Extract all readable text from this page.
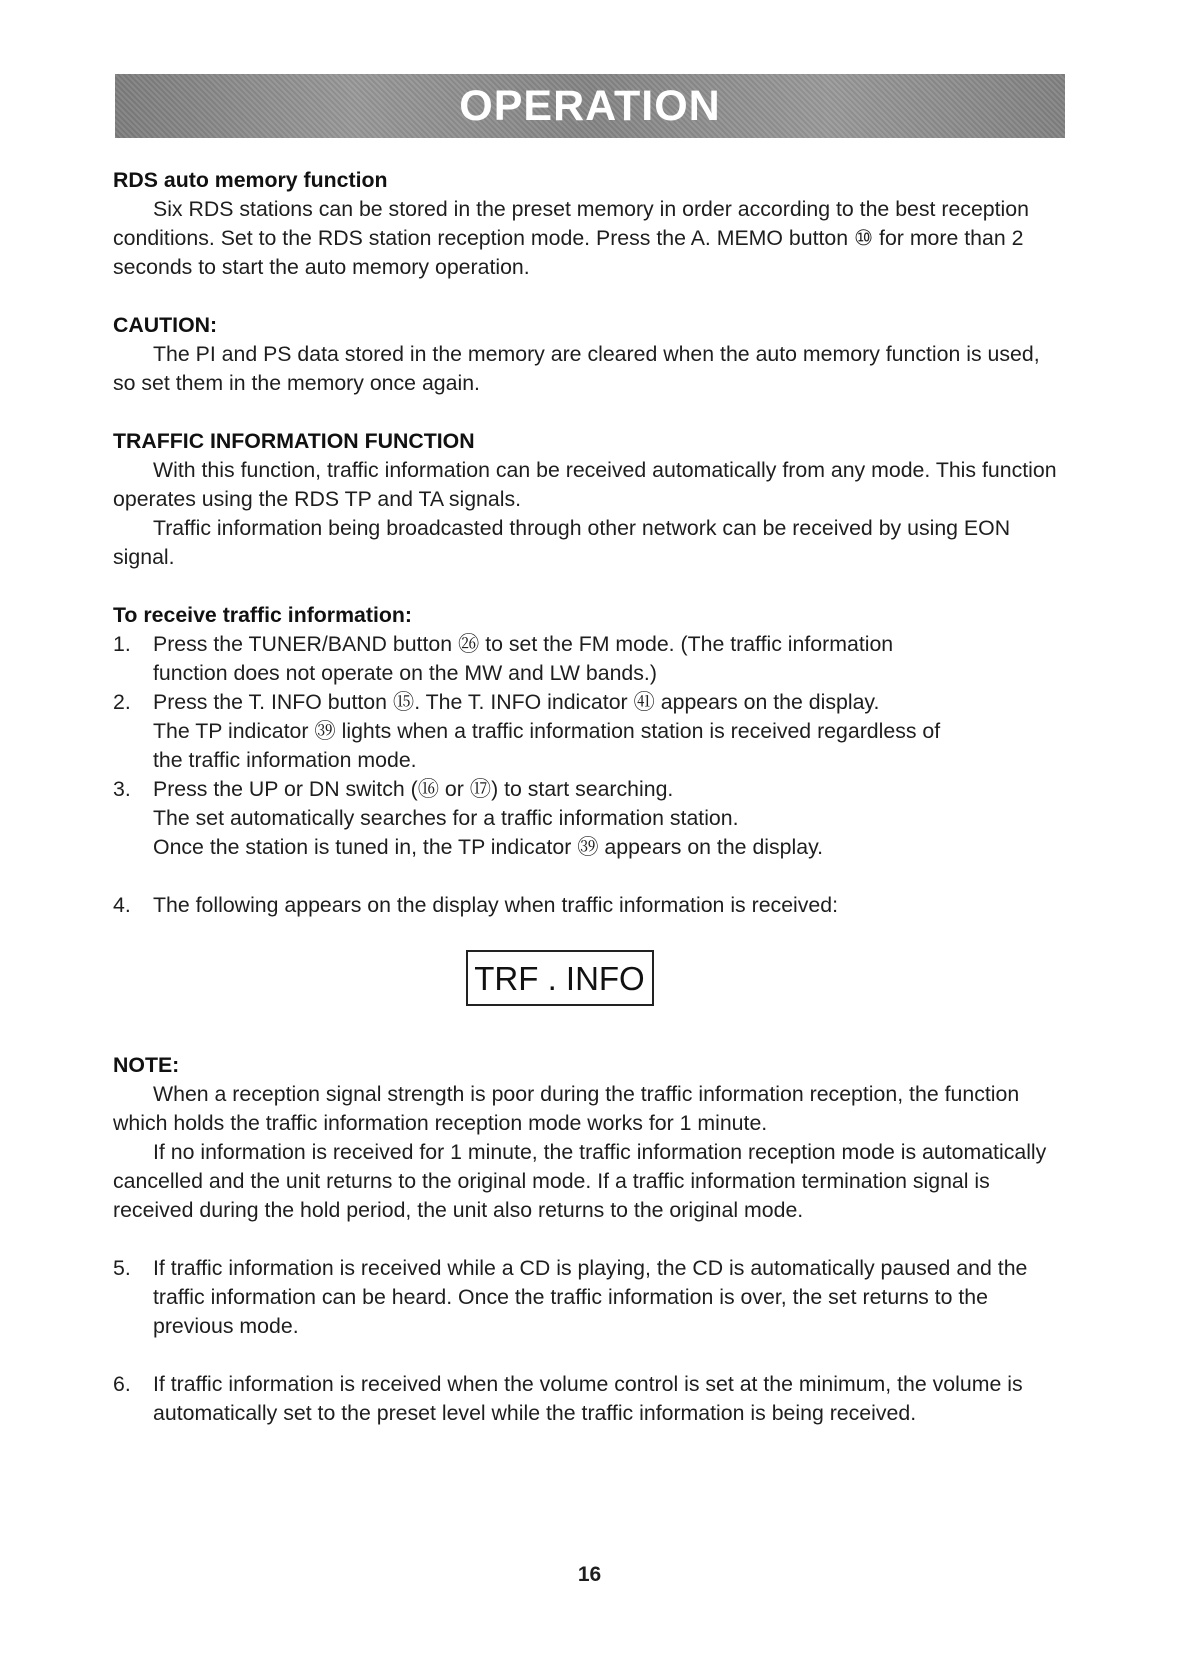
OPERATION
RDS auto memory function

Six RDS stations can be stored in the preset memory in order according to the best reception conditions. Set to the RDS station reception mode. Press the A. MEMO button ⑩ for more than 2 seconds to start the auto memory operation.

CAUTION:

The PI and PS data stored in the memory are cleared when the auto memory function is used, so set them in the memory once again.

TRAFFIC INFORMATION FUNCTION

With this function, traffic information can be received automatically from any mode. This function operates using the RDS TP and TA signals.

Traffic information being broadcasted through other network can be received by using EON signal.

To receive traffic information:
1. Press the TUNER/BAND button ㉖ to set the FM mode. (The traffic information
function does not operate on the MW and LW bands.)
2. Press the T. INFO button ⑮. The T. INFO indicator ㊶ appears on the display.
The TP indicator ㊴ lights when a traffic information station is received regardless of
the traffic information mode.
3. Press the UP or DN switch (⑯ or ⑰) to start searching.
The set automatically searches for a traffic information station.
Once the station is tuned in, the TP indicator ㊴ appears on the display.
4. The following appears on the display when traffic information is received:
TRF . INFO
NOTE:

When a reception signal strength is poor during the traffic information reception, the function which holds the traffic information reception mode works for 1 minute.

If no information is received for 1 minute, the traffic information reception mode is automatically cancelled and the unit returns to the original mode. If a traffic information termination signal is received during the hold period, the unit also returns to the original mode.

5. If traffic information is received while a CD is playing, the CD is automatically paused and the traffic information can be heard. Once the traffic information is over, the set returns to the previous mode.
6. If traffic information is received when the volume control is set at the minimum, the volume is automatically set to the preset level while the traffic information is being received.
16
